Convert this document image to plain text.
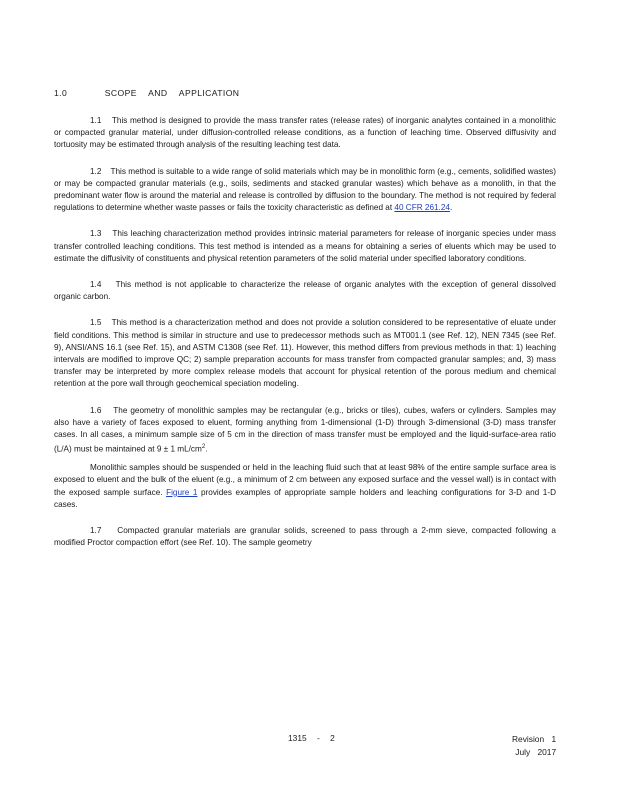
1.0	SCOPE AND APPLICATION

1.1 This method is designed to provide the mass transfer rates (release rates) of inorganic analytes contained in a monolithic or compacted granular material, under diffusion-controlled release conditions, as a function of leaching time. Observed diffusivity and tortuosity may be estimated through analysis of the resulting leaching test data.

1.2 This method is suitable to a wide range of solid materials which may be in monolithic form (e.g., cements, solidified wastes) or may be compacted granular materials (e.g., soils, sediments and stacked granular wastes) which behave as a monolith, in that the predominant water flow is around the material and release is controlled by diffusion to the boundary. The method is not required by federal regulations to determine whether waste passes or fails the toxicity characteristic as defined at 40 CFR 261.24.

1.3 This leaching characterization method provides intrinsic material parameters for release of inorganic species under mass transfer controlled leaching conditions. This test method is intended as a means for obtaining a series of eluents which may be used to estimate the diffusivity of constituents and physical retention parameters of the solid material under specified laboratory conditions.

1.4 This method is not applicable to characterize the release of organic analytes with the exception of general dissolved organic carbon.

1.5 This method is a characterization method and does not provide a solution considered to be representative of eluate under field conditions. This method is similar in structure and use to predecessor methods such as MT001.1 (see Ref. 12), NEN 7345 (see Ref. 9), ANSI/ANS 16.1 (see Ref. 15), and ASTM C1308 (see Ref. 11). However, this method differs from previous methods in that: 1) leaching intervals are modified to improve QC; 2) sample preparation accounts for mass transfer from compacted granular samples; and, 3) mass transfer may be interpreted by more complex release models that account for physical retention of the porous medium and chemical retention at the pore wall through geochemical speciation modeling.

1.6 The geometry of monolithic samples may be rectangular (e.g., bricks or tiles), cubes, wafers or cylinders. Samples may also have a variety of faces exposed to eluent, forming anything from 1-dimensional (1-D) through 3-dimensional (3-D) mass transfer cases. In all cases, a minimum sample size of 5 cm in the direction of mass transfer must be employed and the liquid-surface-area ratio (L/A) must be maintained at 9 ± 1 $mL/cm^2$.

Monolithic samples should be suspended or held in the leaching fluid such that at least 98% of the entire sample surface area is exposed to eluent and the bulk of the eluent (e.g., a minimum of 2 cm between any exposed surface and the vessel wall) is in contact with the exposed sample surface. Figure 1 provides examples of appropriate sample holders and leaching configurations for 3-D and 1-D cases.

1.7 Compacted granular materials are granular solids, screened to pass through a 2-mm sieve, compacted following a modified Proctor compaction effort (see Ref. 10). The sample geometry

1315 - 2	Revision 1
July 2017
